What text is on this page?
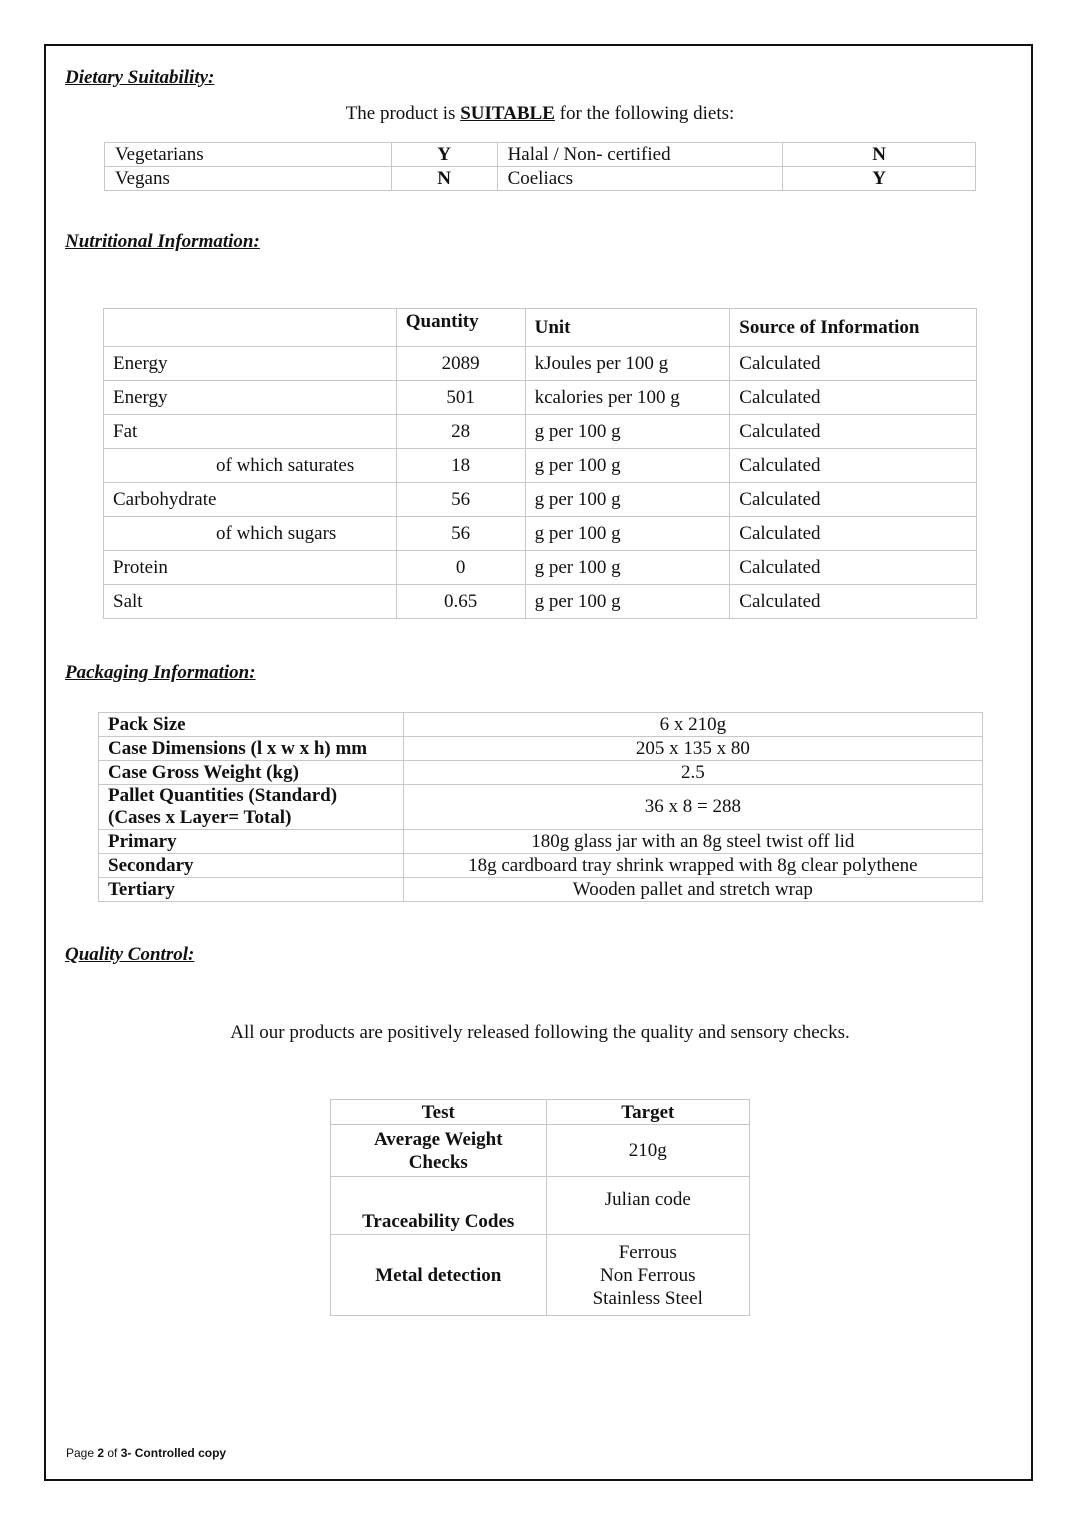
Dietary Suitability:
The product is SUITABLE for the following diets:
Vegetarians	Y	Halal / Non- certified	N
Vegans	N	Coeliacs	Y
Nutritional Information:
	Quantity	Unit	Source of Information
Energy	2089	kJoules per 100 g	Calculated
Energy	501	kcalories per 100 g	Calculated
Fat	28	g per 100 g	Calculated
of which saturates	18	g per 100 g	Calculated
Carbohydrate	56	g per 100 g	Calculated
of which sugars	56	g per 100 g	Calculated
Protein	0	g per 100 g	Calculated
Salt	0.65	g per 100 g	Calculated
Packaging Information:
Pack Size	6 x 210g
Case Dimensions (l x w x h) mm	205 x 135 x 80
Case Gross Weight (kg)	2.5

Pallet Quantities (Standard)
(Cases x Layer= Total)	36 x 8 = 288
Primary	180g glass jar with an 8g steel twist off lid
Secondary	18g cardboard tray shrink wrapped with 8g clear polythene
Tertiary	Wooden pallet and stretch wrap
Quality Control:
All our products are positively released following the quality and sensory checks.
Test	Target

Average Weight
Checks	210g
Traceability Codes	Julian code
Metal detection	Ferrous
Non Ferrous
Stainless Steel
Page 2 of 3- Controlled copy
